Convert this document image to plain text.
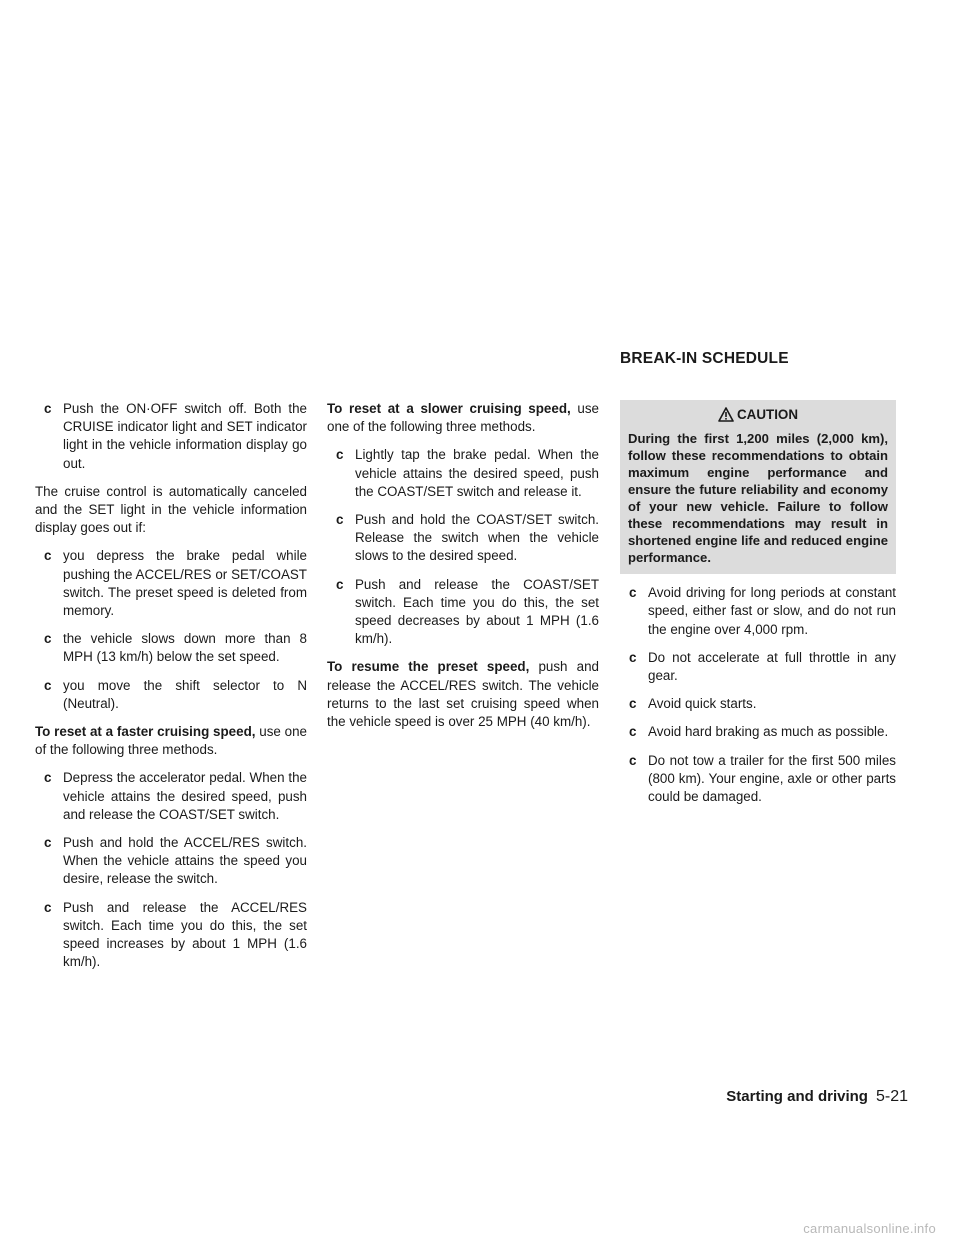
BREAK-IN SCHEDULE
c Push the ON·OFF switch off. Both the CRUISE indicator light and SET indicator light in the vehicle information display go out.
The cruise control is automatically canceled and the SET light in the vehicle information display goes out if:
c you depress the brake pedal while pushing the ACCEL/RES or SET/COAST switch. The preset speed is deleted from memory.
c the vehicle slows down more than 8 MPH (13 km/h) below the set speed.
c you move the shift selector to N (Neutral).
To reset at a faster cruising speed, use one of the following three methods.
c Depress the accelerator pedal. When the vehicle attains the desired speed, push and release the COAST/SET switch.
c Push and hold the ACCEL/RES switch. When the vehicle attains the speed you desire, release the switch.
c Push and release the ACCEL/RES switch. Each time you do this, the set speed increases by about 1 MPH (1.6 km/h).
To reset at a slower cruising speed, use one of the following three methods.
c Lightly tap the brake pedal. When the vehicle attains the desired speed, push the COAST/SET switch and release it.
c Push and hold the COAST/SET switch. Release the switch when the vehicle slows to the desired speed.
c Push and release the COAST/SET switch. Each time you do this, the set speed decreases by about 1 MPH (1.6 km/h).
To resume the preset speed, push and release the ACCEL/RES switch. The vehicle returns to the last set cruising speed when the vehicle speed is over 25 MPH (40 km/h).
CAUTION
During the first 1,200 miles (2,000 km), follow these recommendations to obtain maximum engine performance and ensure the future reliability and economy of your new vehicle. Failure to follow these recommendations may result in shortened engine life and reduced engine performance.
c Avoid driving for long periods at constant speed, either fast or slow, and do not run the engine over 4,000 rpm.
c Do not accelerate at full throttle in any gear.
c Avoid quick starts.
c Avoid hard braking as much as possible.
c Do not tow a trailer for the first 500 miles (800 km). Your engine, axle or other parts could be damaged.
Starting and driving 5-21
carmanualsonline.info
